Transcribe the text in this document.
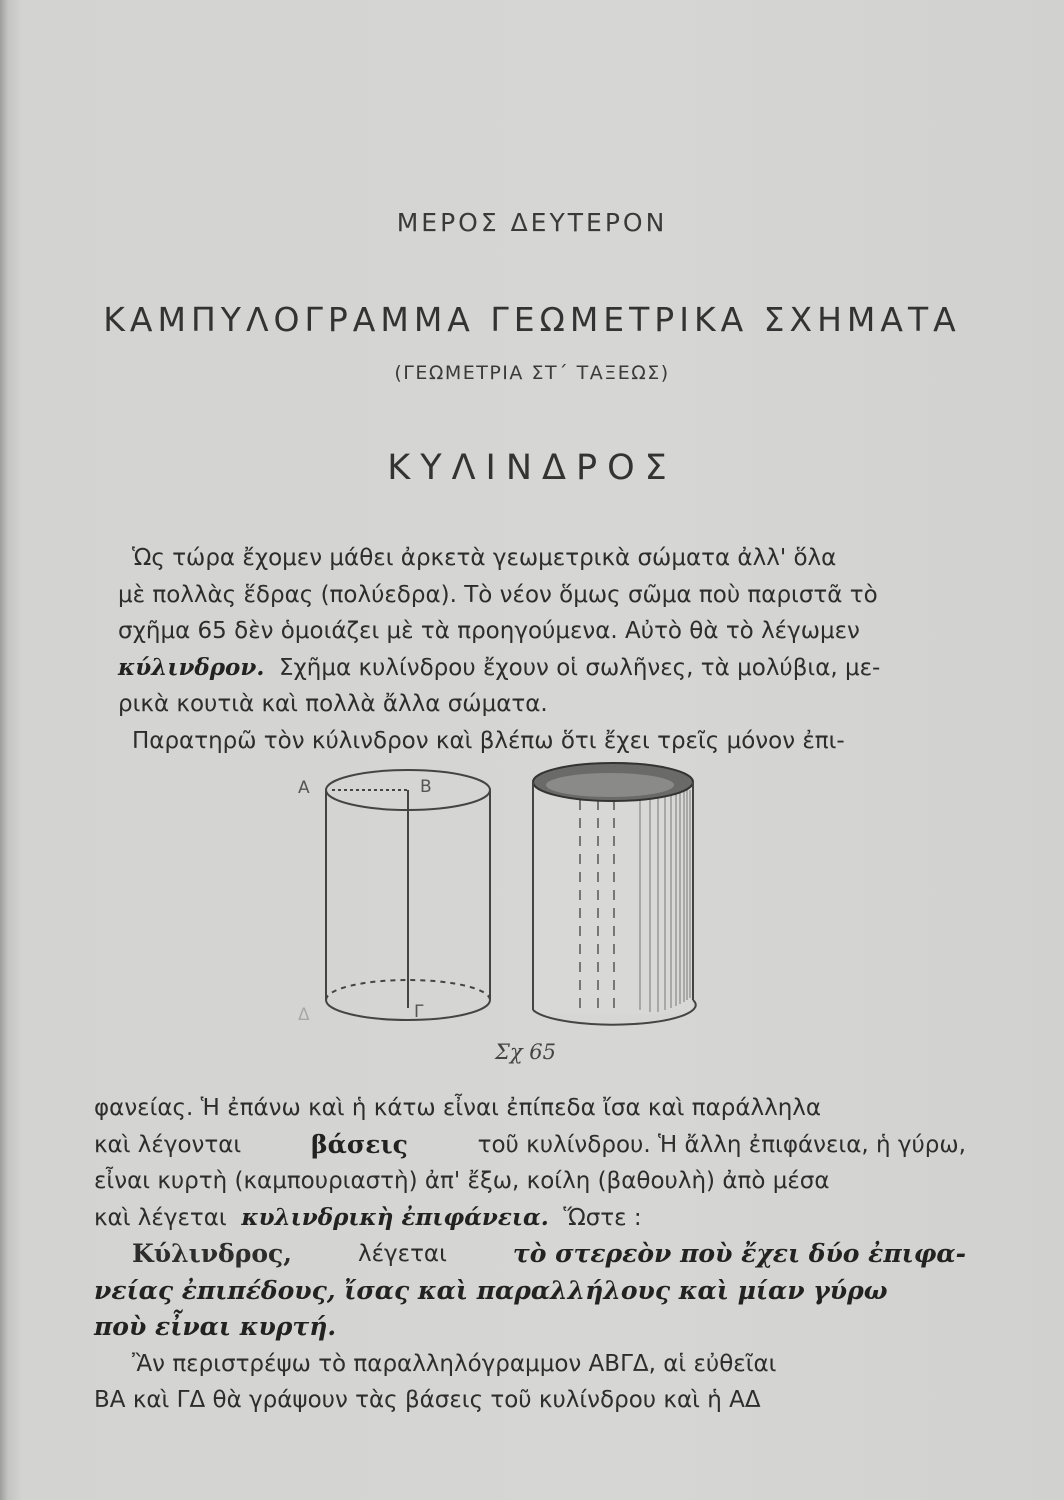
ΜΕΡΟΣ ΔΕΥΤΕΡΟΝ
ΚΑΜΠΥΛΟΓΡΑΜΜΑ ΓΕΩΜΕΤΡΙΚΑ ΣΧΗΜΑΤΑ
(ΓΕΩΜΕΤΡΙΑ ΣΤ΄ ΤΑΞΕΩΣ)
ΚΥΛΙΝΔΡΟΣ
Ὡς τώρα ἔχομεν μάθει ἀρκετὰ γεωμετρικὰ σώματα ἀλλ' ὅλα
μὲ πολλὰς ἕδρας (πολύεδρα). Τὸ νέον ὅμως σῶμα ποὺ παριστᾶ τὸ
σχῆμα 65 δὲν ὁμοιάζει μὲ τὰ προηγούμενα. Αὐτὸ θὰ τὸ λέγωμεν
κύλινδρον.
Σχῆμα κυλίνδρου ἔχουν οἱ σωλῆνες, τὰ μολύβια, με-
ρικὰ κουτιὰ καὶ πολλὰ ἄλλα σώματα.
Παρατηρῶ τὸν κύλινδρον καὶ βλέπω ὅτι ἔχει τρεῖς μόνον ἐπι-
Α	Β
Γ
Δ
Σχ 65
φανείας. Ἡ ἐπάνω καὶ ἡ κάτω εἶναι ἐπίπεδα ἴσα καὶ παράλληλα
καὶ λέγονται	βάσεις	τοῦ κυλίνδρου. Ἡ ἄλλη ἐπιφάνεια, ἡ γύρω,
εἶναι κυρτὴ (καμπουριαστὴ) ἀπ' ἔξω, κοίλη (βαθουλὴ) ἀπὸ μέσα
καὶ λέγεται
κυλινδρικὴ ἐπιφάνεια.
Ὥστε :
Κύλινδρος,	λέγεται	τὸ στερεὸν ποὺ ἔχει δύο ἐπιφα-
νείας ἐπιπέδους, ἴσας καὶ παραλλήλους καὶ μίαν γύρω
ποὺ εἶναι κυρτή.
Ἂν περιστρέψω τὸ παραλληλόγραμμον ΑΒΓΔ, αἱ εὐθεῖαι
ΒΑ καὶ ΓΔ θὰ γράψουν τὰς βάσεις τοῦ κυλίνδρου καὶ ἡ ΑΔ
